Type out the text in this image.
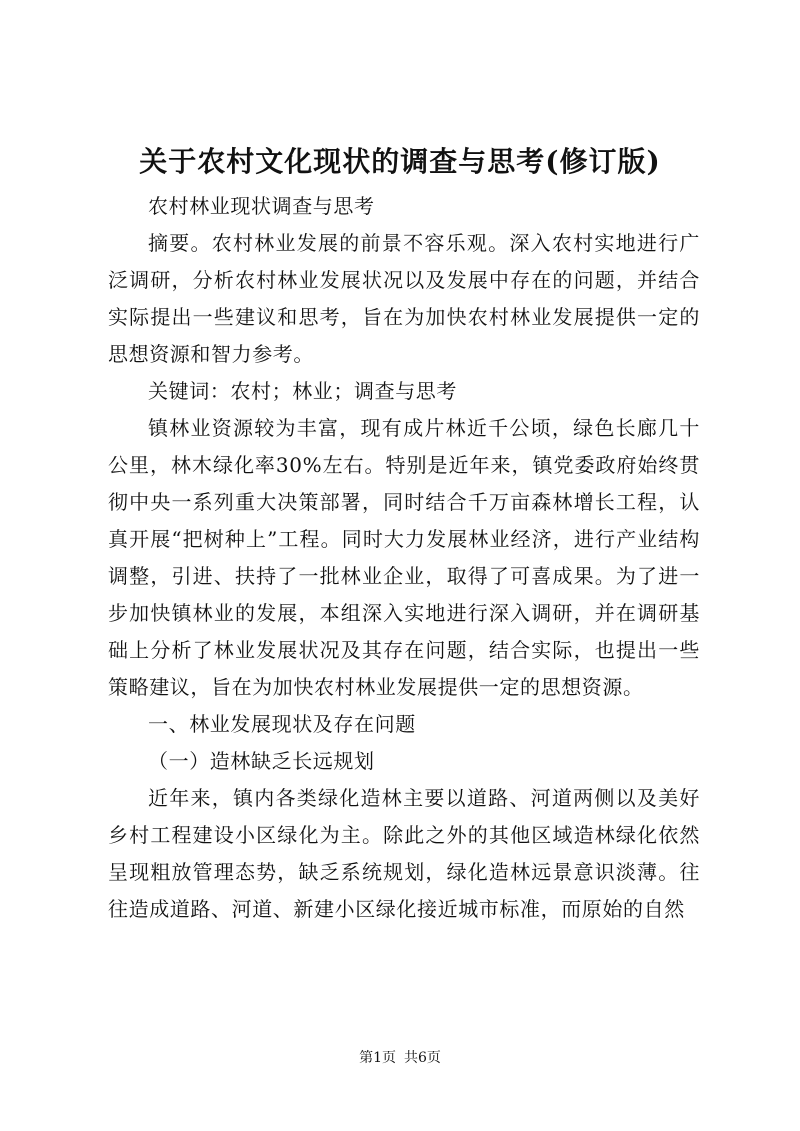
关于农村文化现状的调查与思考(修订版)

农村林业现状调查与思考

摘要。农村林业发展的前景不容乐观。深入农村实地进行广泛调研，分析农村林业发展状况以及发展中存在的问题，并结合实际提出一些建议和思考，旨在为加快农村林业发展提供一定的思想资源和智力参考。

关键词：农村；林业；调查与思考

镇林业资源较为丰富，现有成片林近千公顷，绿色长廊几十公里，林木绿化率30%左右。特别是近年来，镇党委政府始终贯彻中央一系列重大决策部署，同时结合千万亩森林增长工程，认真开展“把树种上”工程。同时大力发展林业经济，进行产业结构调整，引进、扶持了一批林业企业，取得了可喜成果。为了进一步加快镇林业的发展，本组深入实地进行深入调研，并在调研基础上分析了林业发展状况及其存在问题，结合实际，也提出一些策略建议，旨在为加快农村林业发展提供一定的思想资源。

一、林业发展现状及存在问题

（一）造林缺乏长远规划

近年来，镇内各类绿化造林主要以道路、河道两侧以及美好乡村工程建设小区绿化为主。除此之外的其他区域造林绿化依然呈现粗放管理态势，缺乏系统规划，绿化造林远景意识淡薄。往往造成道路、河道、新建小区绿化接近城市标准，而原始的自然

第1页 共6页
